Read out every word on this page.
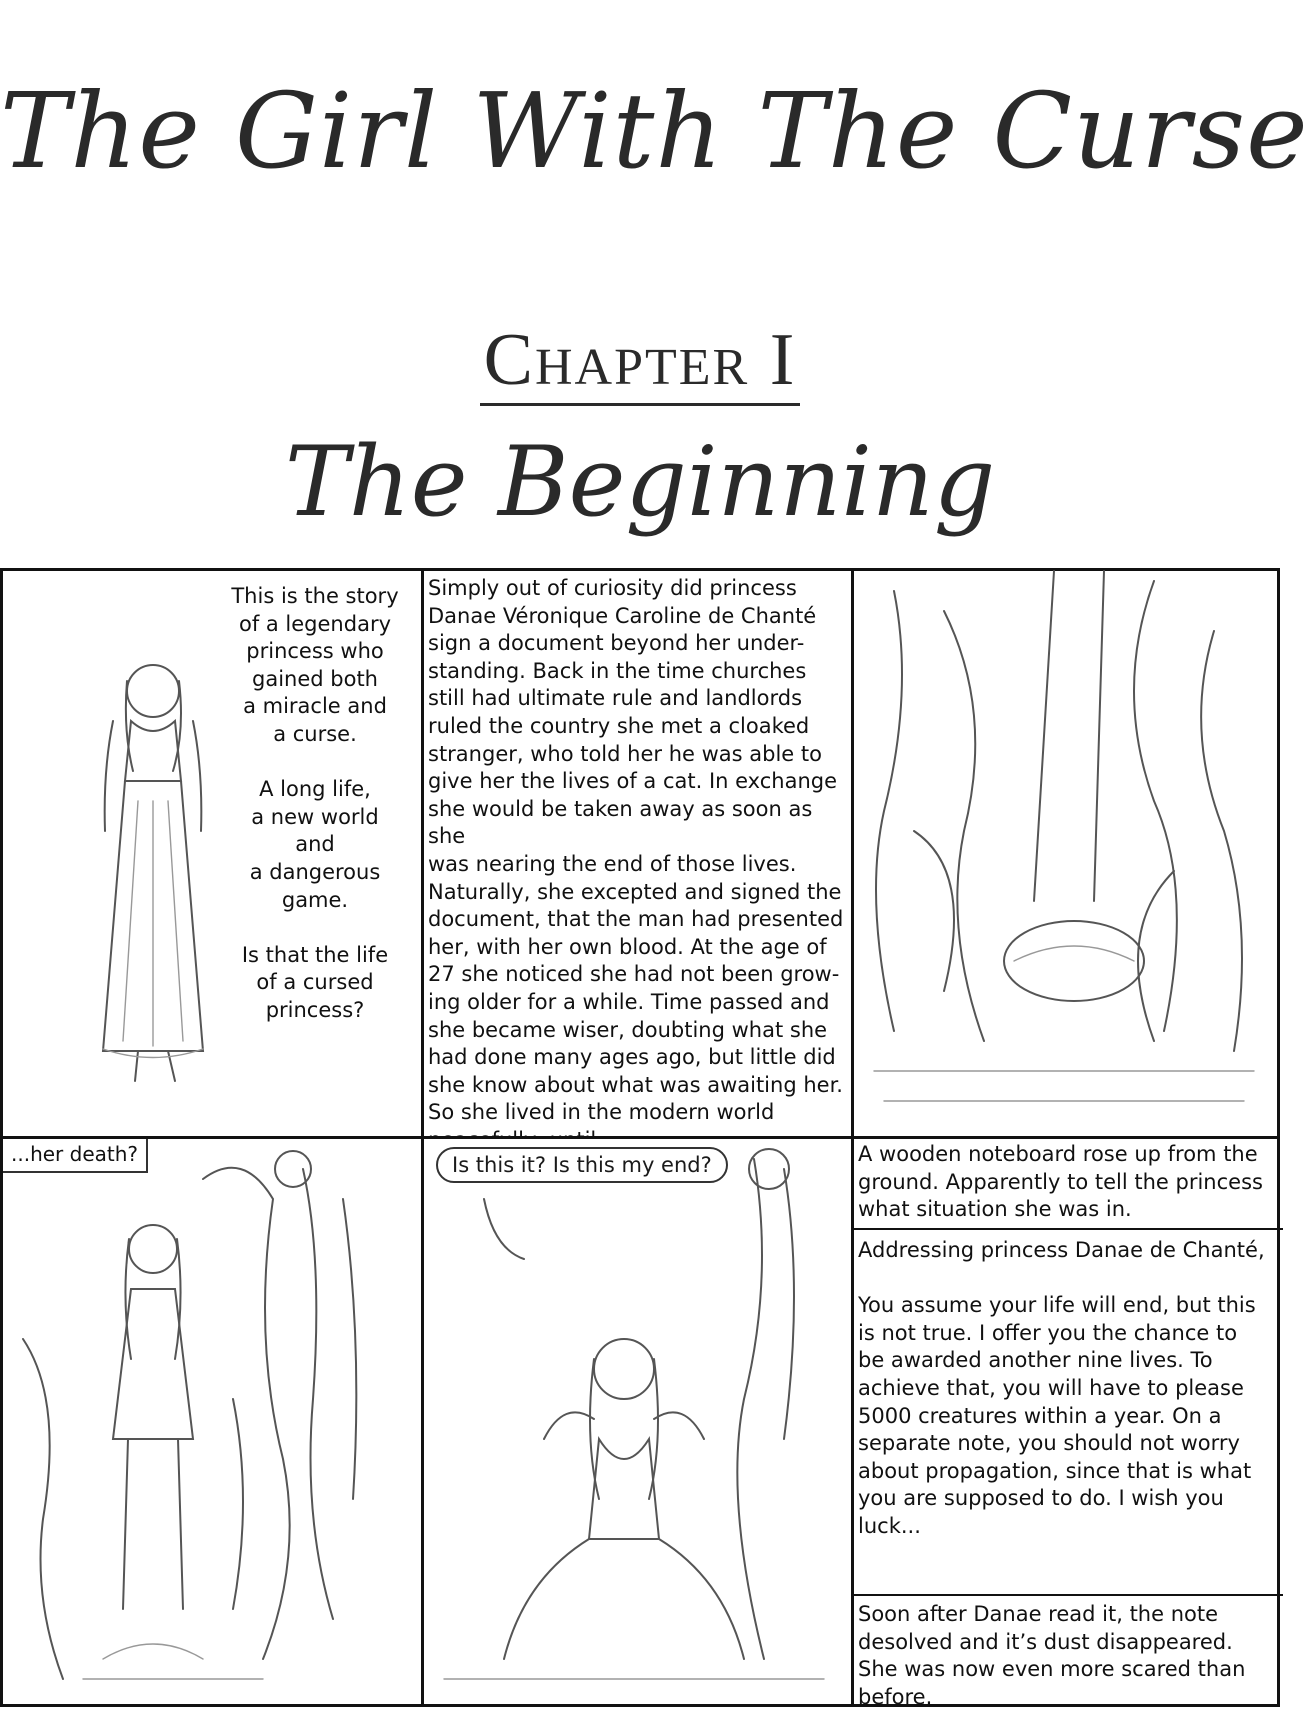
The Girl With The Curse
Chapter I
The Beginning
This is the story
of a legendary
princess who
gained both
a miracle and
a curse.

A long life,
a new world
and
a dangerous
game.

Is that the life
of a cursed
princess?
Simply out of curiosity did princess
Danae Véronique Caroline de Chanté
sign a document beyond her under-
standing. Back in the time churches
still had ultimate rule and landlords
ruled the country she met a cloaked
stranger, who told her he was able to
give her the lives of a cat. In exchange
she would be taken away as soon as she
was nearing the end of those lives.
Naturally, she excepted and signed the
document, that the man had presented
her, with her own blood. At the age of
27 she noticed she had not been grow-
ing older for a while. Time passed and
she became wiser, doubting what she
had done many ages ago, but little did
she know about what was awaiting her.
So she lived in the modern world

...her death?	Is this it? Is this my end?	A wooden noteboard rose up from the
ground. Apparently to tell the princess
what situation she was in.
Addressing princess Danae de Chanté,

You assume your life will end, but this
is not true. I offer you the chance to
be awarded another nine lives. To
achieve that, you will have to please
5000 creatures within a year. On a
separate note, you should not worry
about propagation, since that is what
you are supposed to do. I wish you
luck...
Soon after Danae read it, the note
desolved and it’s dust disappeared.
She was now even more scared than
before.
